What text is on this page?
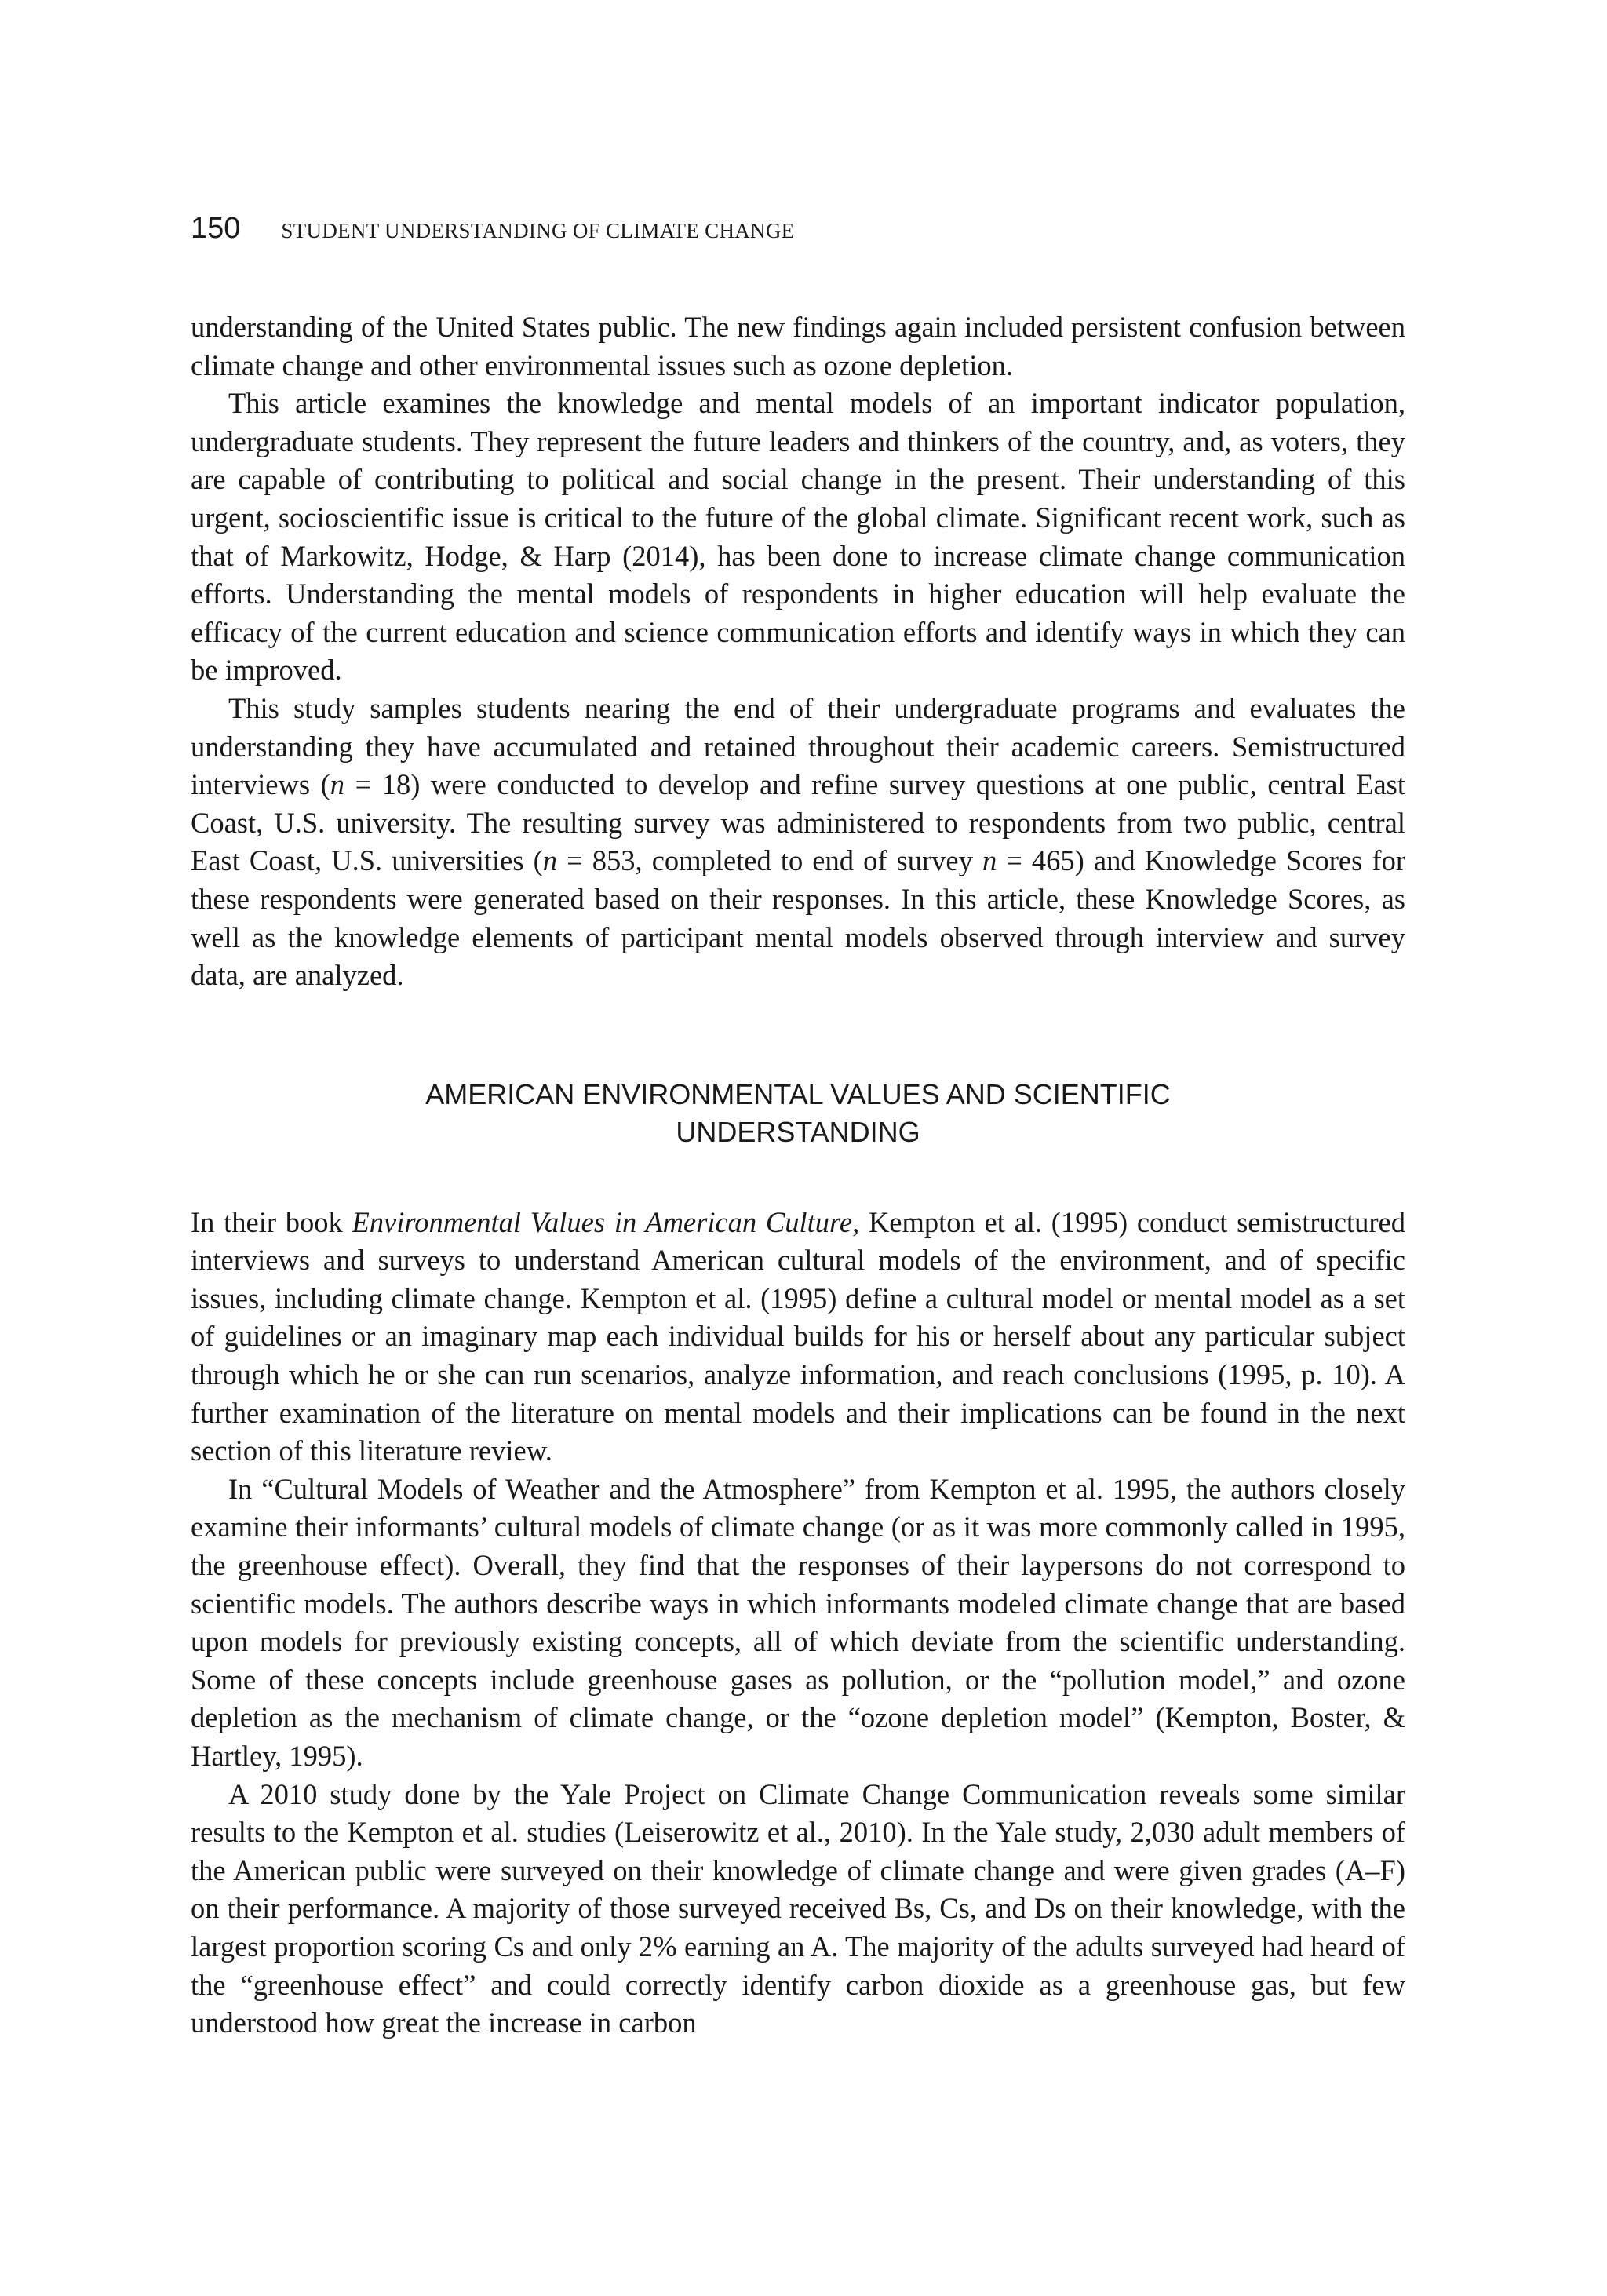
150 STUDENT UNDERSTANDING OF CLIMATE CHANGE

understanding of the United States public. The new findings again included persistent confusion between climate change and other environmental issues such as ozone depletion.

This article examines the knowledge and mental models of an important indicator population, undergraduate students. They represent the future leaders and thinkers of the country, and, as voters, they are capable of contributing to political and social change in the present. Their understanding of this urgent, socioscientific issue is critical to the future of the global climate. Significant recent work, such as that of Markowitz, Hodge, & Harp (2014), has been done to increase climate change communication efforts. Understanding the mental models of respondents in higher education will help evaluate the efficacy of the current education and science communication efforts and identify ways in which they can be improved.

This study samples students nearing the end of their undergraduate programs and evaluates the understanding they have accumulated and retained throughout their academic careers. Semistructured interviews (n = 18) were conducted to develop and refine survey questions at one public, central East Coast, U.S. university. The resulting survey was administered to respondents from two public, central East Coast, U.S. universities (n = 853, completed to end of survey n = 465) and Knowledge Scores for these respondents were generated based on their responses. In this article, these Knowledge Scores, as well as the knowledge elements of participant mental models observed through interview and survey data, are analyzed.

AMERICAN ENVIRONMENTAL VALUES AND SCIENTIFIC
UNDERSTANDING

In their book Environmental Values in American Culture, Kempton et al. (1995) conduct semistructured interviews and surveys to understand American cultural models of the environment, and of specific issues, including climate change. Kempton et al. (1995) define a cultural model or mental model as a set of guidelines or an imaginary map each individual builds for his or herself about any particular subject through which he or she can run scenarios, analyze information, and reach conclusions (1995, p. 10). A further examination of the literature on mental models and their implications can be found in the next section of this literature review.

In “Cultural Models of Weather and the Atmosphere” from Kempton et al. 1995, the authors closely examine their informants’ cultural models of climate change (or as it was more commonly called in 1995, the greenhouse effect). Overall, they find that the responses of their laypersons do not correspond to scientific models. The authors describe ways in which informants modeled climate change that are based upon models for previously existing concepts, all of which deviate from the scientific understanding. Some of these concepts include greenhouse gases as pollution, or the “pollution model,” and ozone depletion as the mechanism of climate change, or the “ozone depletion model” (Kempton, Boster, & Hartley, 1995).

A 2010 study done by the Yale Project on Climate Change Communication reveals some similar results to the Kempton et al. studies (Leiserowitz et al., 2010). In the Yale study, 2,030 adult members of the American public were surveyed on their knowledge of climate change and were given grades (A–F) on their performance. A majority of those surveyed received Bs, Cs, and Ds on their knowledge, with the largest proportion scoring Cs and only 2% earning an A. The majority of the adults surveyed had heard of the “greenhouse effect” and could correctly identify carbon dioxide as a greenhouse gas, but few understood how great the increase in carbon
